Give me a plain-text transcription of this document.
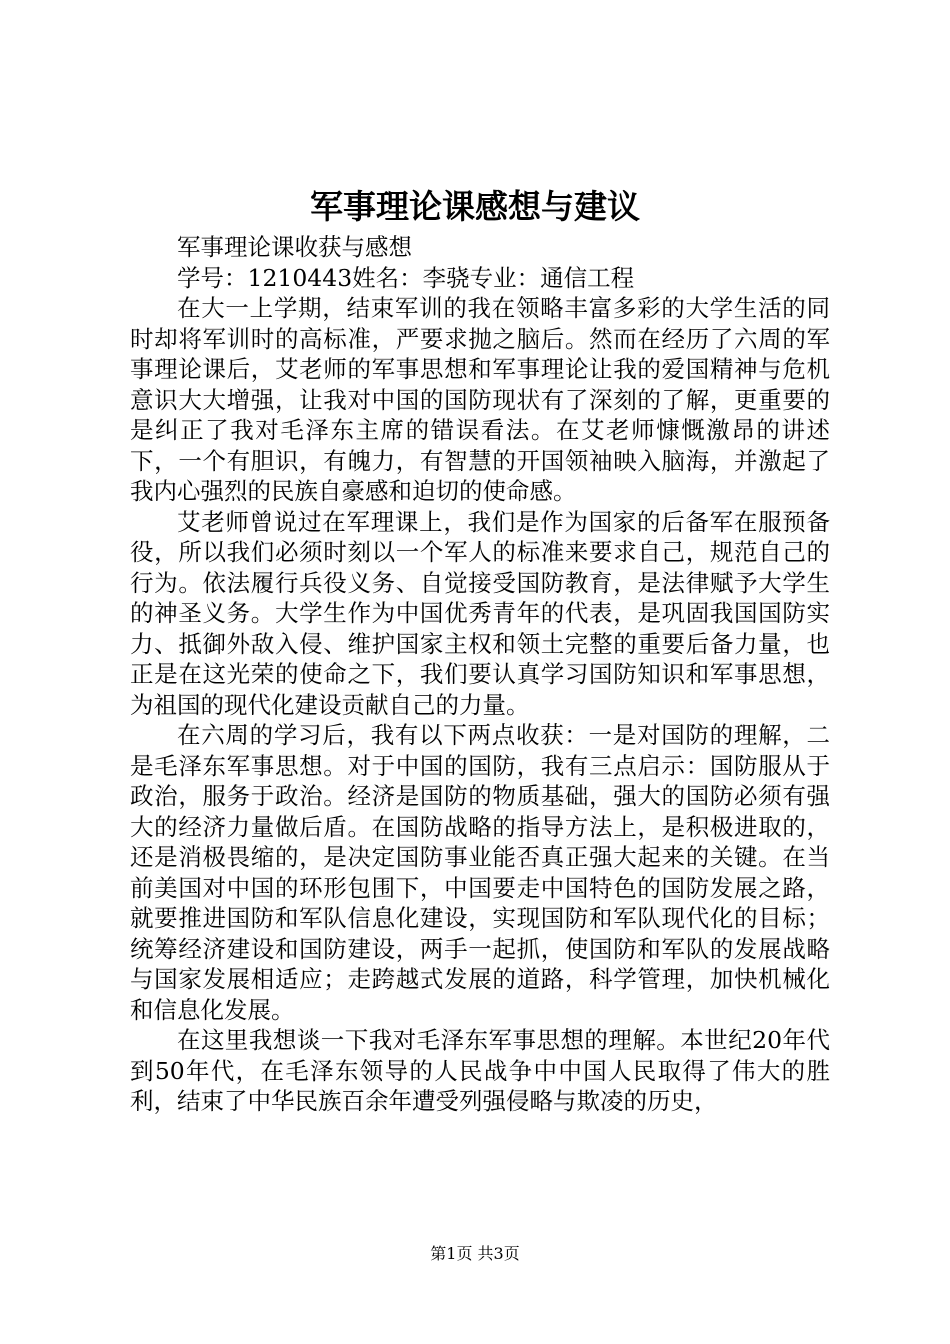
军事理论课感想与建议

军事理论课收获与感想

学号：1210443姓名：李骁专业：通信工程

在大一上学期，结束军训的我在领略丰富多彩的大学生活的同时却将军训时的高标准，严要求抛之脑后。然而在经历了六周的军事理论课后，艾老师的军事思想和军事理论让我的爱国精神与危机意识大大增强，让我对中国的国防现状有了深刻的了解，更重要的是纠正了我对毛泽东主席的错误看法。在艾老师慷慨激昂的讲述下，一个有胆识，有魄力，有智慧的开国领袖映入脑海，并激起了我内心强烈的民族自豪感和迫切的使命感。

艾老师曾说过在军理课上，我们是作为国家的后备军在服预备役，所以我们必须时刻以一个军人的标准来要求自己，规范自己的行为。依法履行兵役义务、自觉接受国防教育，是法律赋予大学生的神圣义务。大学生作为中国优秀青年的代表，是巩固我国国防实力、抵御外敌入侵、维护国家主权和领土完整的重要后备力量，也正是在这光荣的使命之下，我们要认真学习国防知识和军事思想，为祖国的现代化建设贡献自己的力量。

在六周的学习后，我有以下两点收获：一是对国防的理解，二是毛泽东军事思想。对于中国的国防，我有三点启示：国防服从于政治，服务于政治。经济是国防的物质基础，强大的国防必须有强大的经济力量做后盾。在国防战略的指导方法上，是积极进取的，还是消极畏缩的，是决定国防事业能否真正强大起来的关键。在当前美国对中国的环形包围下，中国要走中国特色的国防发展之路，就要推进国防和军队信息化建设，实现国防和军队现代化的目标；统筹经济建设和国防建设，两手一起抓，使国防和军队的发展战略与国家发展相适应；走跨越式发展的道路，科学管理，加快机械化和信息化发展。

在这里我想谈一下我对毛泽东军事思想的理解。本世纪20年代到50年代，在毛泽东领导的人民战争中中国人民取得了伟大的胜利，结束了中华民族百余年遭受列强侵略与欺凌的历史，

第1页 共3页
